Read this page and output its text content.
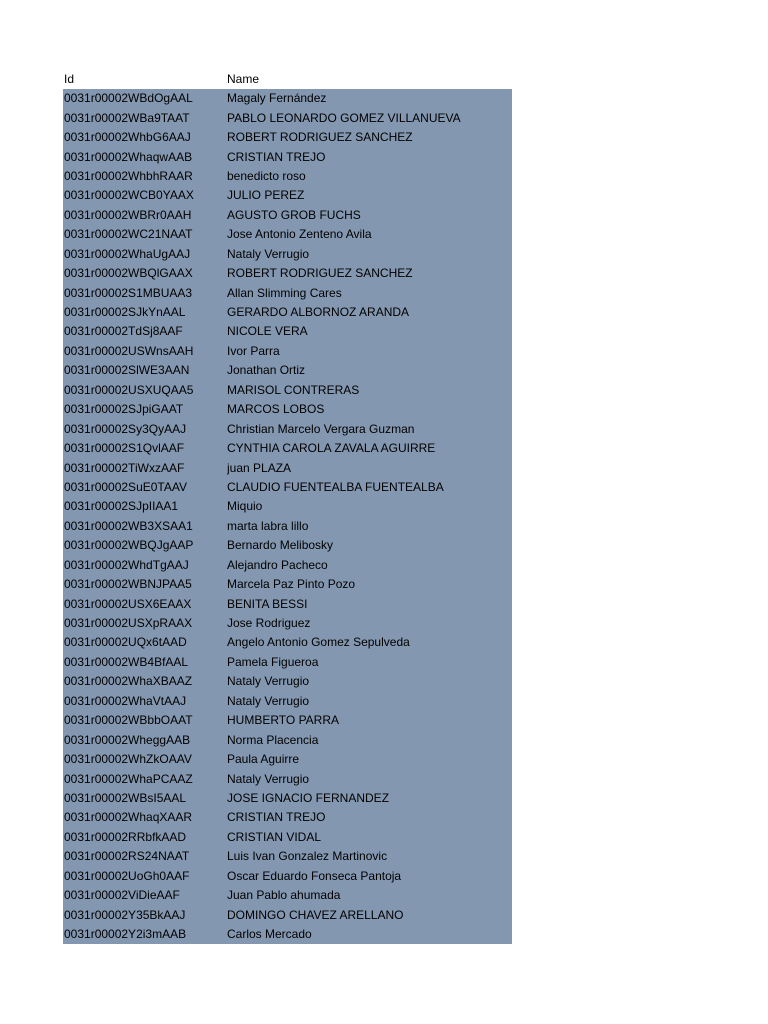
Id	Name
0031r00002WBdOgAAL	Magaly Fernández
0031r00002WBa9TAAT	PABLO LEONARDO GOMEZ VILLANUEVA
0031r00002WhbG6AAJ	ROBERT RODRIGUEZ SANCHEZ
0031r00002WhaqwAAB	CRISTIAN TREJO
0031r00002WhbhRAAR	benedicto roso
0031r00002WCB0YAAX	JULIO PEREZ
0031r00002WBRr0AAH	AGUSTO GROB FUCHS
0031r00002WC21NAAT	Jose Antonio Zenteno Avila
0031r00002WhaUgAAJ	Nataly Verrugio
0031r00002WBQlGAAX	ROBERT RODRIGUEZ SANCHEZ
0031r00002S1MBUAA3	Allan Slimming Cares
0031r00002SJkYnAAL	GERARDO ALBORNOZ ARANDA
0031r00002TdSj8AAF	NICOLE VERA
0031r00002USWnsAAH	Ivor Parra
0031r00002SlWE3AAN	Jonathan Ortiz
0031r00002USXUQAA5	MARISOL CONTRERAS
0031r00002SJpiGAAT	MARCOS LOBOS
0031r00002Sy3QyAAJ	Christian Marcelo Vergara Guzman
0031r00002S1QvlAAF	CYNTHIA CAROLA ZAVALA AGUIRRE
0031r00002TiWxzAAF	juan PLAZA
0031r00002SuE0TAAV	CLAUDIO FUENTEALBA FUENTEALBA
0031r00002SJpIIAA1	Miquio
0031r00002WB3XSAA1	marta labra lillo
0031r00002WBQJgAAP	Bernardo Melibosky
0031r00002WhdTgAAJ	Alejandro Pacheco
0031r00002WBNJPAA5	Marcela Paz Pinto Pozo
0031r00002USX6EAAX	BENITA BESSI
0031r00002USXpRAAX	Jose Rodriguez
0031r00002UQx6tAAD	Angelo Antonio Gomez Sepulveda
0031r00002WB4BfAAL	Pamela Figueroa
0031r00002WhaXBAAZ	Nataly Verrugio
0031r00002WhaVtAAJ	Nataly Verrugio
0031r00002WBbbOAAT	HUMBERTO PARRA
0031r00002WheggAAB	Norma Placencia
0031r00002WhZkOAAV	Paula Aguirre
0031r00002WhaPCAAZ	Nataly Verrugio
0031r00002WBsI5AAL	JOSE IGNACIO FERNANDEZ
0031r00002WhaqXAAR	CRISTIAN TREJO
0031r00002RRbfkAAD	CRISTIAN VIDAL
0031r00002RS24NAAT	Luis Ivan Gonzalez Martinovic
0031r00002UoGh0AAF	Oscar Eduardo Fonseca Pantoja
0031r00002ViDieAAF	Juan Pablo ahumada
0031r00002Y35BkAAJ	DOMINGO CHAVEZ ARELLANO
0031r00002Y2i3mAAB	Carlos Mercado
